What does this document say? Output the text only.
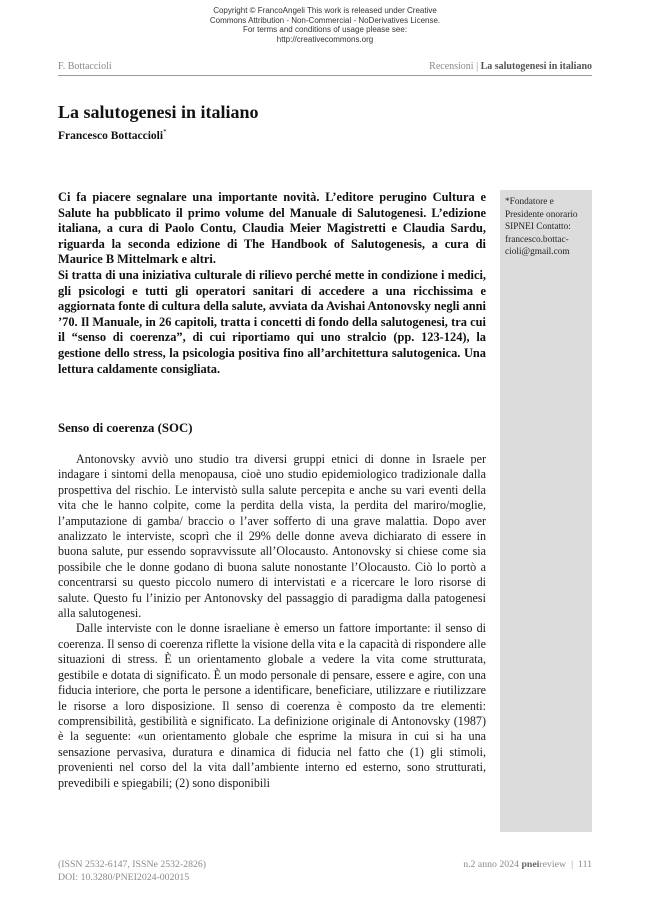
Copyright © FrancoAngeli This work is released under Creative
Commons Attribution - Non-Commercial - NoDerivatives License.
For terms and conditions of usage please see:
http://creativecommons.org
F. Bottaccioli	Recensioni | La salutogenesi in italiano
La salutogenesi in italiano
Francesco Bottaccioli*
*Fondatore e Presidente onorario SIPNEI Contatto: francesco.bottac-cioli@gmail.com

Ci fa piacere segnalare una importante novità. L’editore perugino Cultura e Salute ha pubblicato il primo volume del Manuale di Salutogenesi. L’edizione italiana, a cura di Paolo Contu, Claudia Meier Magistretti e Claudia Sardu, riguarda la seconda edizione di The Handbook of Salutogenesis, a cura di Maurice B Mittelmark e altri.

Si tratta di una iniziativa culturale di rilievo perché mette in condizione i medici, gli psicologi e tutti gli operatori sanitari di accedere a una ricchissima e aggiornata fonte di cultura della salute, avviata da Avishai Antonovsky negli anni ’70. Il Manuale, in 26 capitoli, tratta i concetti di fondo della salutogenesi, tra cui il “senso di coerenza”, di cui riportiamo qui uno stralcio (pp. 123-124), la gestione dello stress, la psicologia positiva fino all’architettura salutogenica. Una lettura caldamente consigliata.

Senso di coerenza (SOC)

Antonovsky avviò uno studio tra diversi gruppi etnici di donne in Israele per indagare i sintomi della menopausa, cioè uno studio epidemiologico tradizionale dalla prospettiva del rischio. Le intervistò sulla salute percepita e anche su vari eventi della vita che le hanno colpite, come la perdita della vista, la perdita del mariro/moglie, l’amputazione di gamba/ braccio o l’aver sofferto di una grave malattia. Dopo aver analizzato le interviste, scoprì che il 29% delle donne aveva dichiarato di essere in buona salute, pur essendo sopravvissute all’Olocausto. Antonovsky si chiese come sia possibile che le donne godano di buona salute nonostante l’Olocausto. Ciò lo portò a concentrarsi su questo piccolo numero di intervistati e a ricercare le loro risorse di salute. Questo fu l’inizio per Antonovsky del passaggio di paradigma dalla patogenesi alla salutogenesi.

Dalle interviste con le donne israeliane è emerso un fattore importante: il senso di coerenza. Il senso di coerenza riflette la visione della vita e la capacità di rispondere alle situazioni di stress. È un orientamento globale a vedere la vita come strutturata, gestibile e dotata di significato. È un modo personale di pensare, essere e agire, con una fiducia interiore, che porta le persone a identificare, beneficiare, utilizzare e riutilizzare le risorse a loro disposizione. Il senso di coerenza è composto da tre elementi: comprensibilità, gestibilità e significato. La definizione originale di Antonovsky (1987) è la seguente: «un orientamento globale che esprime la misura in cui si ha una sensazione pervasiva, duratura e dinamica di fiducia nel fatto che (1) gli stimoli, provenienti nel corso del la vita dall’ambiente interno ed esterno, sono strutturati, prevedibili e spiegabili; (2) sono disponibili

(ISSN 2532-6147, ISSNe 2532-2826)
DOI: 10.3280/PNEI2024-002015
n.2 anno 2024 pneireview | 111
